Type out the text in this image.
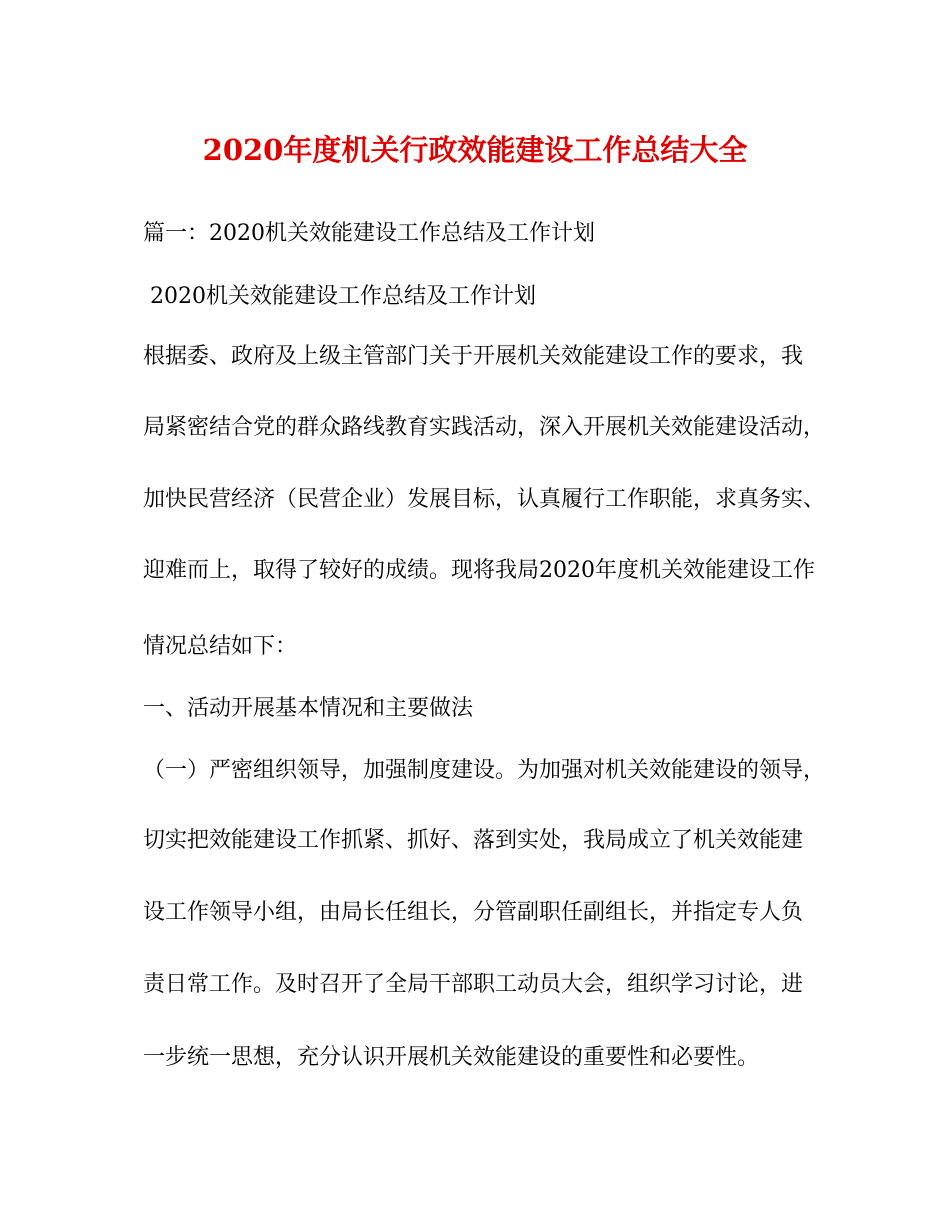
2020年度机关行政效能建设工作总结大全
篇一：2020机关效能建设工作总结及工作计划
2020机关效能建设工作总结及工作计划
根据委、政府及上级主管部门关于开展机关效能建设工作的要求，我
局紧密结合党的群众路线教育实践活动，深入开展机关效能建设活动，
加快民营经济（民营企业）发展目标，认真履行工作职能，求真务实、
迎难而上，取得了较好的成绩。现将我局2020年度机关效能建设工作
情况总结如下：
一、活动开展基本情况和主要做法
（一）严密组织领导，加强制度建设。为加强对机关效能建设的领导，
切实把效能建设工作抓紧、抓好、落到实处，我局成立了机关效能建
设工作领导小组，由局长任组长，分管副职任副组长，并指定专人负
责日常工作。及时召开了全局干部职工动员大会，组织学习讨论，进
一步统一思想，充分认识开展机关效能建设的重要性和必要性。
